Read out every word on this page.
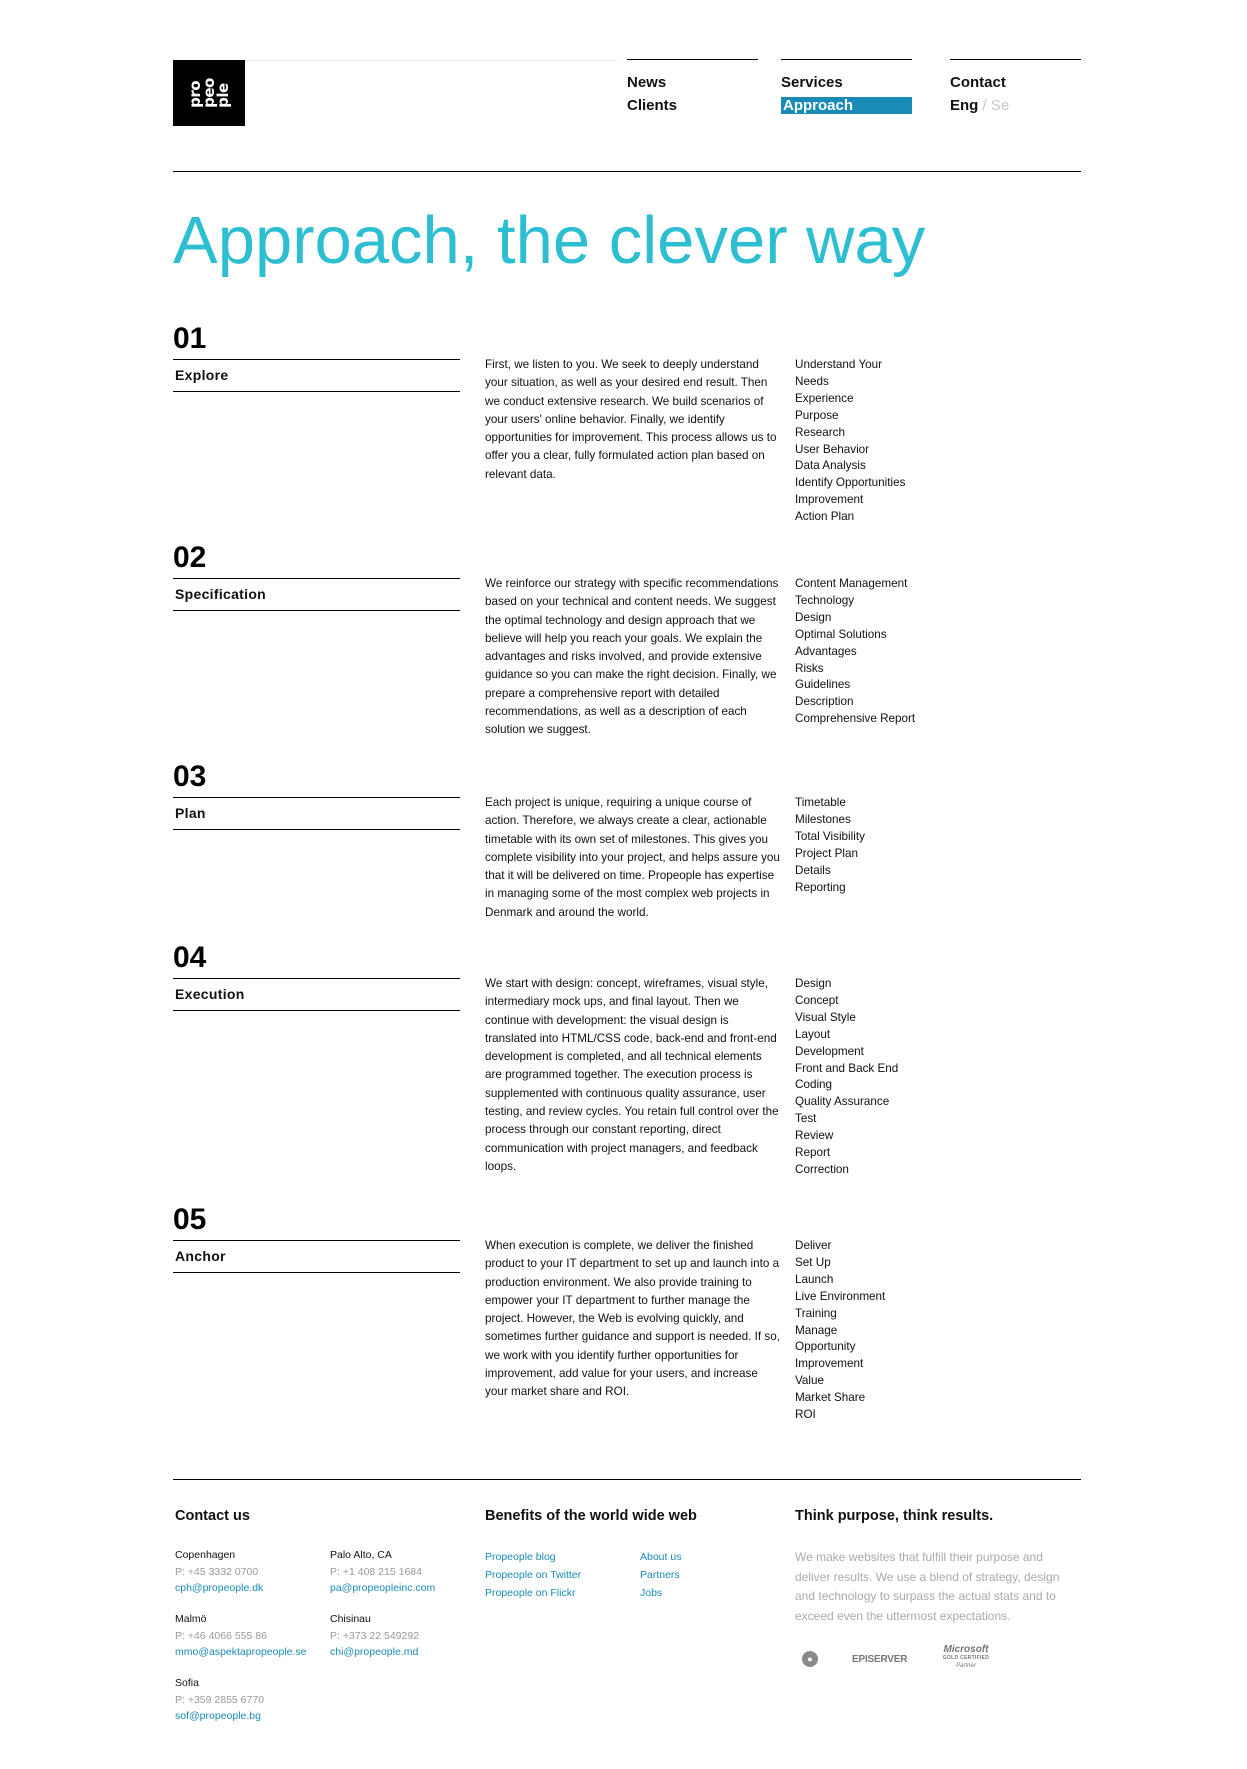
pro
peo
ple
News
Clients
Services
Approach
Contact
Eng / Se
Approach, the clever way
01
Explore
First, we listen to you. We seek to deeply understand your situation, as well as your desired end result. Then we conduct extensive research. We build scenarios of your users' online behavior. Finally, we identify opportunities for improvement. This process allows us to offer you a clear, fully formulated action plan based on relevant data.
Understand Your
Needs
Experience
Purpose
Research
User Behavior
Data Analysis
Identify Opportunities
Improvement
Action Plan
02
Specification
We reinforce our strategy with specific recommendations based on your technical and content needs. We suggest the optimal technology and design approach that we believe will help you reach your goals. We explain the advantages and risks involved, and provide extensive guidance so you can make the right decision. Finally, we prepare a comprehensive report with detailed recommendations, as well as a description of each solution we suggest.
Content Management
Technology
Design
Optimal Solutions
Advantages
Risks
Guidelines
Description
Comprehensive Report
03
Plan
Each project is unique, requiring a unique course of action. Therefore, we always create a clear, actionable timetable with its own set of milestones. This gives you complete visibility into your project, and helps assure you that it will be delivered on time. Propeople has expertise in managing some of the most complex web projects in Denmark and around the world.
Timetable
Milestones
Total Visibility
Project Plan
Details
Reporting
04
Execution
We start with design: concept, wireframes, visual style, intermediary mock ups, and final layout. Then we continue with development: the visual design is translated into HTML/CSS code, back-end and front-end development is completed, and all technical elements are programmed together. The execution process is supplemented with continuous quality assurance, user testing, and review cycles. You retain full control over the process through our constant reporting, direct communication with project managers, and feedback loops.
Design
Concept
Visual Style
Layout
Development
Front and Back End
Coding
Quality Assurance
Test
Review
Report
Correction
05
Anchor
When execution is complete, we deliver the finished product to your IT department to set up and launch into a production environment. We also provide training to empower your IT department to further manage the project. However, the Web is evolving quickly, and sometimes further guidance and support is needed. If so, we work with you identify further opportunities for improvement, add value for your users, and increase your market share and ROI.
Deliver
Set Up
Launch
Live Environment
Training
Manage
Opportunity
Improvement
Value
Market Share
ROI
Contact us
Copenhagen
P: +45 3332 0700
cph@propeople.dk
Palo Alto, CA
P: +1 408 215 1684
pa@propeopleinc.com
Malmö
P: +46 4066 555 86
mmo@aspektapropeople.se
Chisinau
P: +373 22 549292
chi@propeople.md
Sofia
P: +359 2855 6770
sof@propeople.bg
Benefits of the world wide web
Propeople blog
Propeople on Twitter
Propeople on Flickr
About us
Partners
Jobs
Think purpose, think results.
We make websites that fulfill their purpose and deliver results. We use a blend of strategy, design and technology to surpass the actual stats and to exceed even the uttermost expectations.
●	EPISERVER
Microsoft
GOLD CERTIFIED
Partner
